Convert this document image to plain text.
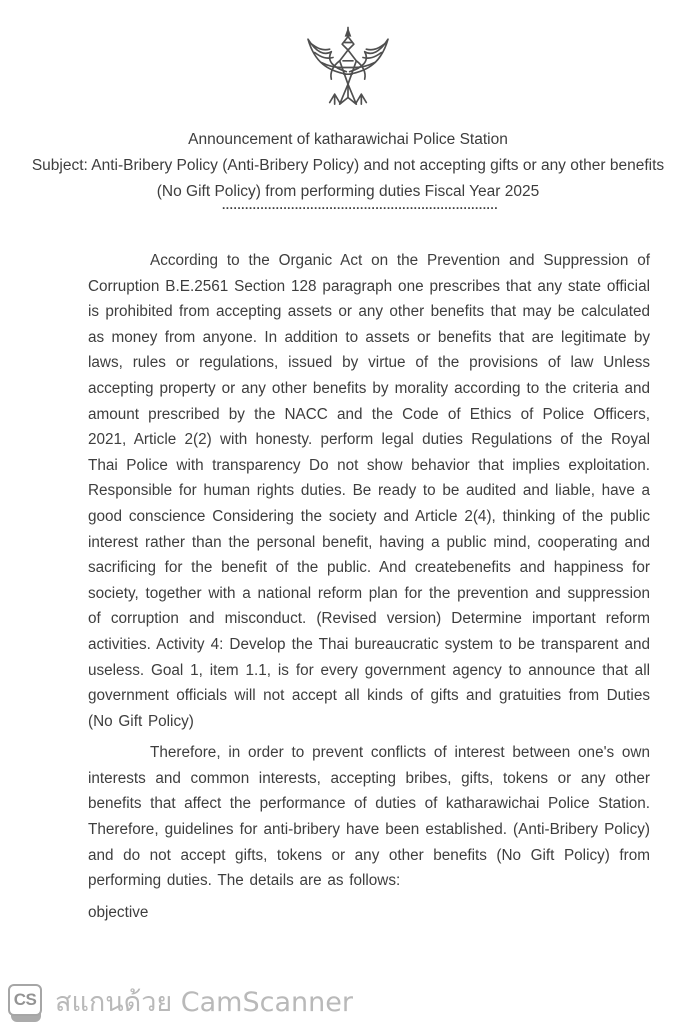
Announcement of katharawichai Police Station
Subject: Anti-Bribery Policy (Anti-Bribery Policy) and not accepting gifts or any other benefits
(No Gift Policy) from performing duties Fiscal Year 2025
........................................................................

According to the Organic Act on the Prevention and Suppression of Corruption B.E.2561 Section 128 paragraph one prescribes that any state official is prohibited from accepting assets or any other benefits that may be calculated as money from anyone. In addition to assets or benefits that are legitimate by laws, rules or regulations, issued by virtue of the provisions of law Unless accepting property or any other benefits by morality according to the criteria and amount prescribed by the NACC and the Code of Ethics of Police Officers, 2021, Article 2(2) with honesty. perform legal duties Regulations of the Royal Thai Police with transparency Do not show behavior that implies exploitation. Responsible for human rights duties. Be ready to be audited and liable, have a good conscience Considering the society and Article 2(4), thinking of the public interest rather than the personal benefit, having a public mind, cooperating and sacrificing for the benefit of the public. And createbenefits and happiness for society, together with a national reform plan for the prevention and suppression of corruption and misconduct. (Revised version) Determine important reform activities. Activity 4: Develop the Thai bureaucratic system to be transparent and useless. Goal 1, item 1.1, is for every government agency to announce that all government officials will not accept all kinds of gifts and gratuities from Duties (No Gift Policy)

Therefore, in order to prevent conflicts of interest between one's own interests and common interests, accepting bribes, gifts, tokens or any other benefits that affect the performance of duties of katharawichai Police Station. Therefore, guidelines for anti-bribery have been established. (Anti-Bribery Policy) and do not accept gifts, tokens or any other benefits (No Gift Policy) from performing duties. The details are as follows:

objective

CS สแกนด้วย CamScanner
